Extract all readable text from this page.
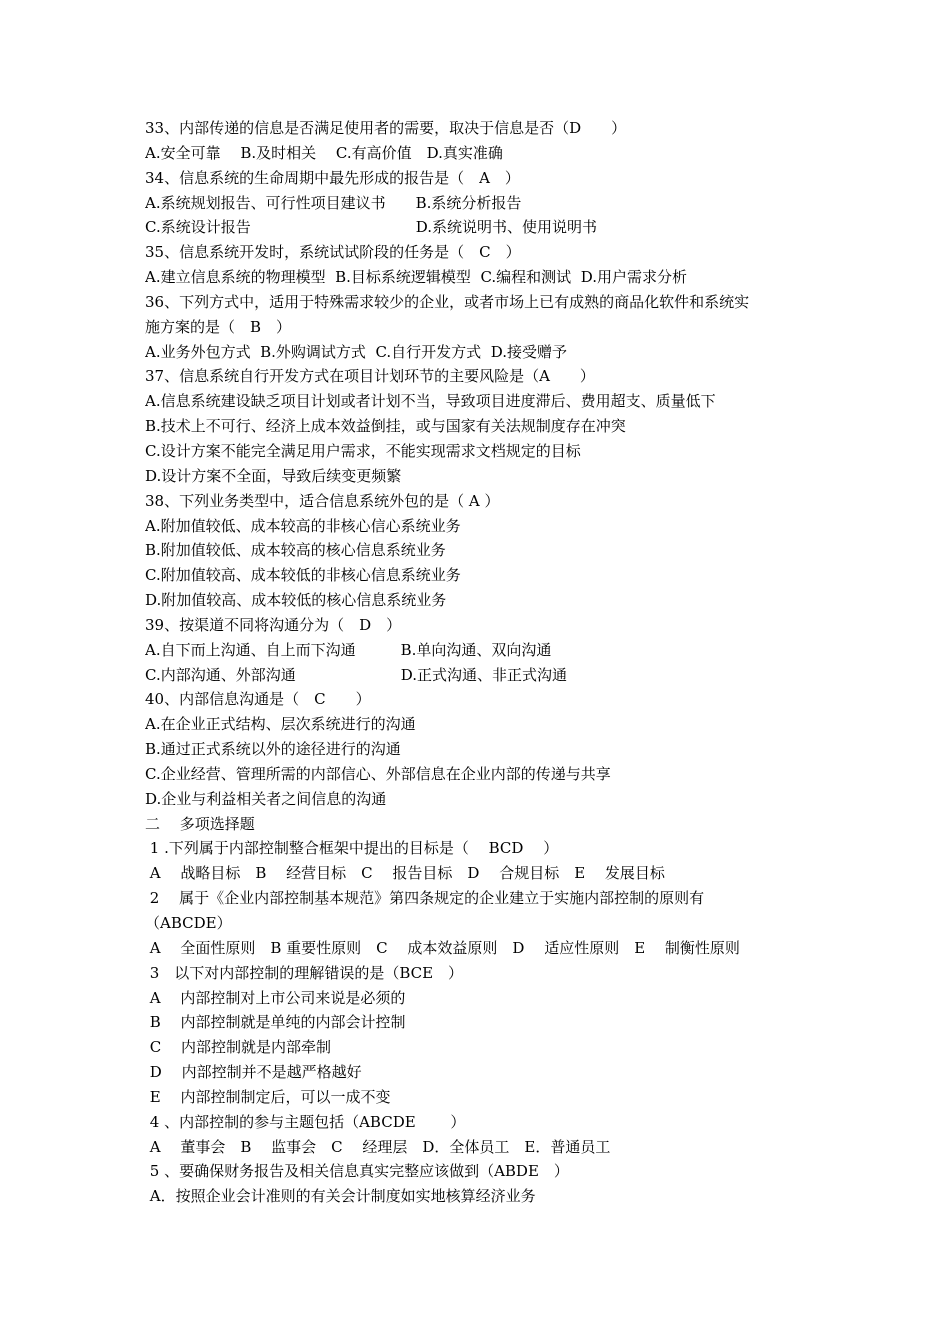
33、内部传递的信息是否满足使用者的需要，取决于信息是否（D　　）

A.安全可靠　 B.及时相关　 C.有高价值　D.真实准确

34、信息系统的生命周期中最先形成的报告是（　A　）

A.系统规划报告、可行性项目建议书　　B.系统分析报告

C.系统设计报告　　　　　　　　　　　D.系统说明书、使用说明书

35、信息系统开发时，系统试试阶段的任务是（　C　）

A.建立信息系统的物理模型  B.目标系统逻辑模型  C.编程和测试  D.用户需求分析

36、下列方式中，适用于特殊需求较少的企业，或者市场上已有成熟的商品化软件和系统实

施方案的是（　B　）

A.业务外包方式  B.外购调试方式  C.自行开发方式  D.接受赠予

37、信息系统自行开发方式在项目计划环节的主要风险是（A　　）

A.信息系统建设缺乏项目计划或者计划不当，导致项目进度滞后、费用超支、质量低下

B.技术上不可行、经济上成本效益倒挂，或与国家有关法规制度存在冲突

C.设计方案不能完全满足用户需求，不能实现需求文档规定的目标

D.设计方案不全面，导致后续变更频繁

38、下列业务类型中，适合信息系统外包的是（ A ）

A.附加值较低、成本较高的非核心信心系统业务

B.附加值较低、成本较高的核心信息系统业务

C.附加值较高、成本较低的非核心信息系统业务

D.附加值较高、成本较低的核心信息系统业务

39、按渠道不同将沟通分为（　D　）

A.自下而上沟通、自上而下沟通　　　B.单向沟通、双向沟通

C.内部沟通、外部沟通　　　　　　　D.正式沟通、非正式沟通

40、内部信息沟通是（　C　　）

A.在企业正式结构、层次系统进行的沟通

B.通过正式系统以外的途径进行的沟通

C.企业经营、管理所需的内部信心、外部信息在企业内部的传递与共享

D.企业与利益相关者之间信息的沟通

二　 多项选择题

1 .下列属于内部控制整合框架中提出的目标是（　 BCD　 ）

A　 战略目标　B　 经营目标　C　 报告目标　D　 合规目标　E　 发展目标

2　 属于《企业内部控制基本规范》第四条规定的企业建立于实施内部控制的原则有

（ABCDE）

A　 全面性原则　B 重要性原则　C　 成本效益原则　D　 适应性原则　E　 制衡性原则

3　以下对内部控制的理解错误的是（BCE　）

A　 内部控制对上市公司来说是必须的

B　 内部控制就是单纯的内部会计控制

C　 内部控制就是内部牵制

D　 内部控制并不是越严格越好

E　 内部控制制定后，可以一成不变

4 、内部控制的参与主题包括（ABCDE　　 ）

A　 董事会　B　 监事会　C　 经理层　D．全体员工　E．普通员工

5 、要确保财务报告及相关信息真实完整应该做到（ABDE　）

A．按照企业会计准则的有关会计制度如实地核算经济业务
